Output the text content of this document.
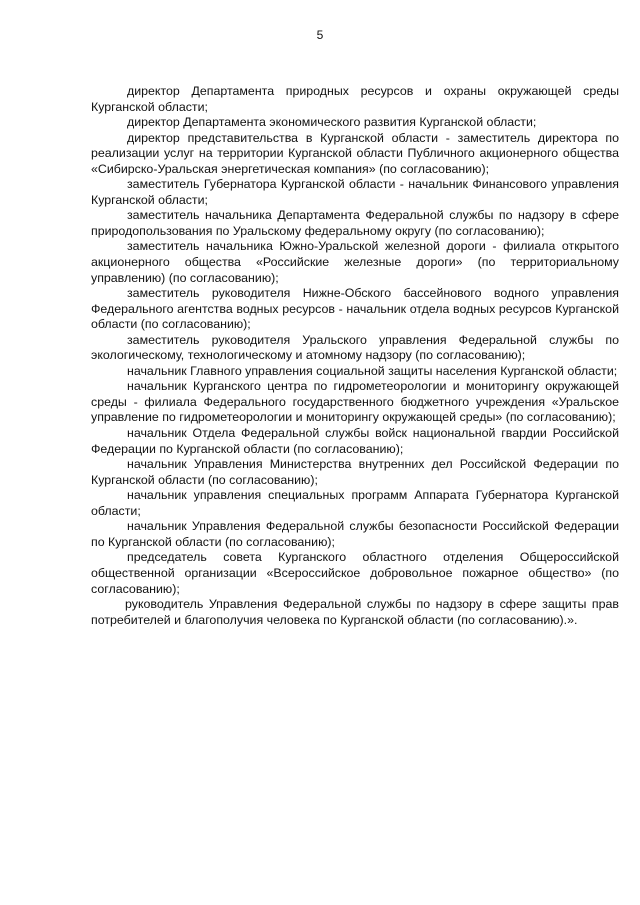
5

директор Департамента природных ресурсов и охраны окружающей среды Курганской области;

директор Департамента экономического развития Курганской области;

директор представительства в Курганской области - заместитель директора по реализации услуг на территории Курганской области Публичного акционерного общества «Сибирско-Уральская энергетическая компания» (по согласованию);

заместитель Губернатора Курганской области - начальник Финансового управления Курганской области;

заместитель начальника Департамента Федеральной службы по надзору в сфере природопользования по Уральскому федеральному округу (по согласованию);

заместитель начальника Южно-Уральской железной дороги - филиала открытого акционерного общества «Российские железные дороги» (по территориальному управлению) (по согласованию);

заместитель руководителя Нижне-Обского бассейнового водного управления Федерального агентства водных ресурсов - начальник отдела водных ресурсов Курганской области (по согласованию);

заместитель руководителя Уральского управления Федеральной службы по экологическому, технологическому и атомному надзору (по согласованию);

начальник Главного управления социальной защиты населения Курганской области;

начальник Курганского центра по гидрометеорологии и мониторингу окружающей среды - филиала Федерального государственного бюджетного учреждения «Уральское управление по гидрометеорологии и мониторингу окружающей среды» (по согласованию);

начальник Отдела Федеральной службы войск национальной гвардии Российской Федерации по Курганской области (по согласованию);

начальник Управления Министерства внутренних дел Российской Федерации по Курганской области (по согласованию);

начальник управления специальных программ Аппарата Губернатора Курганской области;

начальник Управления Федеральной службы безопасности Российской Федерации по Курганской области (по согласованию);

председатель совета Курганского областного отделения Общероссийской общественной организации «Всероссийское добровольное пожарное общество» (по согласованию);

руководитель Управления Федеральной службы по надзору в сфере защиты прав потребителей и благополучия человека по Курганской области (по согласованию).».
